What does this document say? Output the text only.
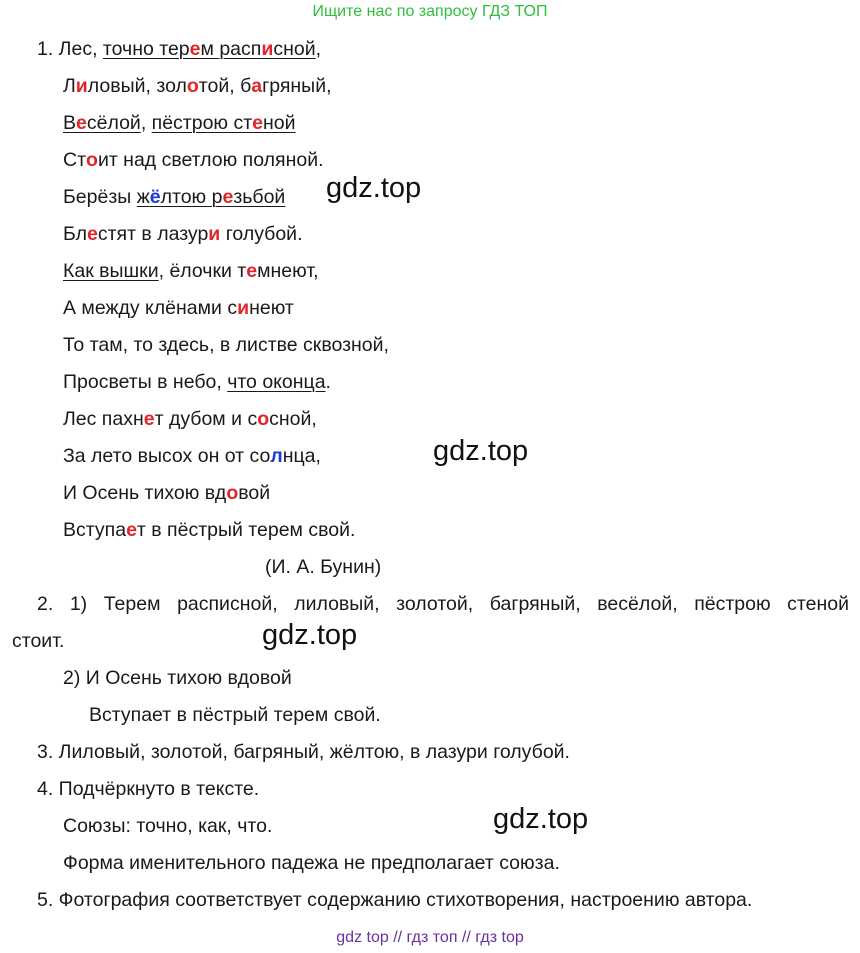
Ищите нас по запросу ГДЗ ТОП
1. Лес, точно терем расписной,
Лиловый, золотой, багряный,
Весёлой, пёстрою стеной
Стоит над светлою поляной.
Берёзы жёлтою резьбой gdz.top
Блестят в лазури голубой.
Как вышки, ёлочки темнеют,
А между клёнами синеют
То там, то здесь, в листве сквозной,
Просветы в небо, что оконца.
Лес пахнет дубом и сосной,
За лето высох он от солнца,	gdz.top
И Осень тихою вдовой
Вступает в пёстрый терем свой.
(И. А. Бунин)
2. 1) Терем расписной, лиловый, золотой, багряный, весёлой, пёстрою стеной
стоит.	gdz.top
2) И Осень тихою вдовой
Вступает в пёстрый терем свой.
3. Лиловый, золотой, багряный, жёлтою, в лазури голубой.
4. Подчёркнуто в тексте.
Союзы: точно, как, что.	gdz.top
Форма именительного падежа не предполагает союза.
5. Фотография соответствует содержанию стихотворения, настроению автора.
gdz top // гдз топ // гдз top
